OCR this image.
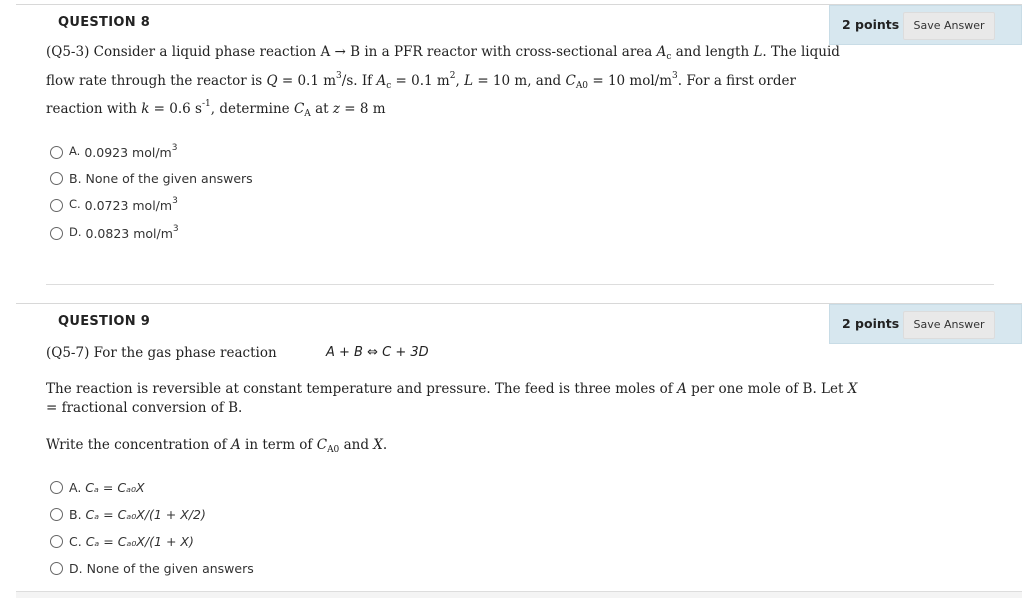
QUESTION 8	2 points	Save Answer
(Q5-3) Consider a liquid phase reaction A → B in a PFR reactor with cross-sectional area $A_c$ and length L. The liquid
flow rate through the reactor is Q = 0.1 $m^3/s$. If $A_c = 0.1$ $m^2$, L = 10 m, and $C_{A0} = 10$ mol/$m^3$. For a first order
reaction with k = 0.6 $s^{-1}$, determine $C_A$ at z = 8 m
A. 0.0923 mol/$m^3$
B. None of the given answers
C. 0.0723 mol/$m^3$
D. 0.0823 mol/$m^3$
QUESTION 9	2 points	Save Answer
(Q5-7) For the gas phase reaction	A + B ⇔ C + 3D
The reaction is reversible at constant temperature and pressure. The feed is three moles of A per one mole of B. Let X
= fractional conversion of B.
Write the concentration of A in term of $C_{A0}$ and X.
A. Cₐ = Cₐ₀X
B. Cₐ = Cₐ₀X/(1 + X/2)
C. Cₐ = Cₐ₀X/(1 + X)
D. None of the given answers
